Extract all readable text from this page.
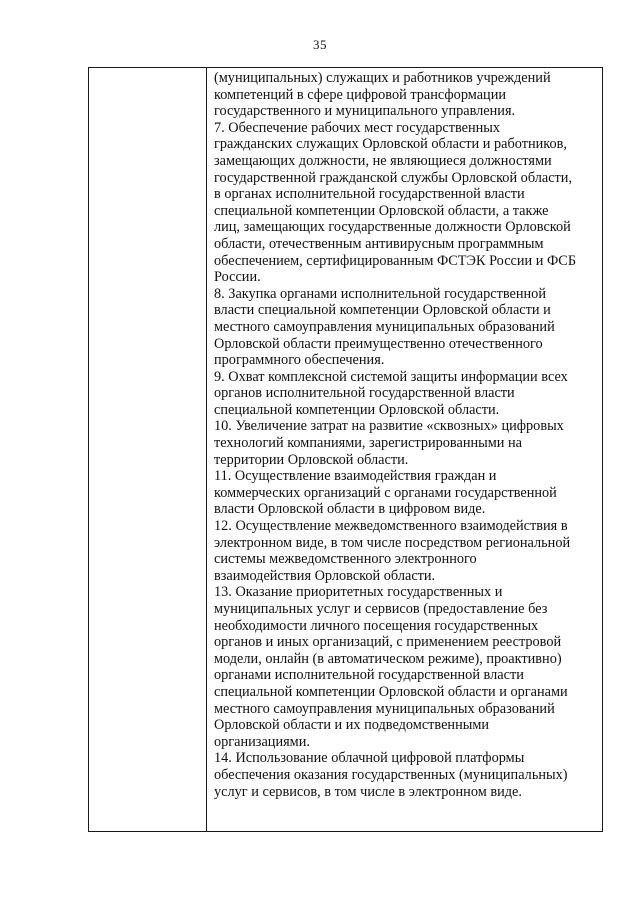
35
(муниципальных) служащих и работников учреждений
компетенций в сфере цифровой трансформации
государственного и муниципального управления.
7. Обеспечение рабочих мест государственных
гражданских служащих Орловской области и работников,
замещающих должности, не являющиеся должностями
государственной гражданской службы Орловской области,
в органах исполнительной государственной власти
специальной компетенции Орловской области, а также
лиц, замещающих государственные должности Орловской
области, отечественным антивирусным программным
обеспечением, сертифицированным ФСТЭК России и ФСБ
России.
8. Закупка органами исполнительной государственной
власти специальной компетенции Орловской области и
местного самоуправления муниципальных образований
Орловской области преимущественно отечественного
программного обеспечения.
9. Охват комплексной системой защиты информации всех
органов исполнительной государственной власти
специальной компетенции Орловской области.
10. Увеличение затрат на развитие «сквозных» цифровых
технологий компаниями, зарегистрированными на
территории Орловской области.
11. Осуществление взаимодействия граждан и
коммерческих организаций с органами государственной
власти Орловской области в цифровом виде.
12. Осуществление межведомственного взаимодействия в
электронном виде, в том числе посредством региональной
системы межведомственного электронного
взаимодействия Орловской области.
13. Оказание приоритетных государственных и
муниципальных услуг и сервисов (предоставление без
необходимости личного посещения государственных
органов и иных организаций, с применением реестровой
модели, онлайн (в автоматическом режиме), проактивно)
органами исполнительной государственной власти
специальной компетенции Орловской области и органами
местного самоуправления муниципальных образований
Орловской области и их подведомственными
организациями.
14. Использование облачной цифровой платформы
обеспечения оказания государственных (муниципальных)
услуг и сервисов, в том числе в электронном виде.
